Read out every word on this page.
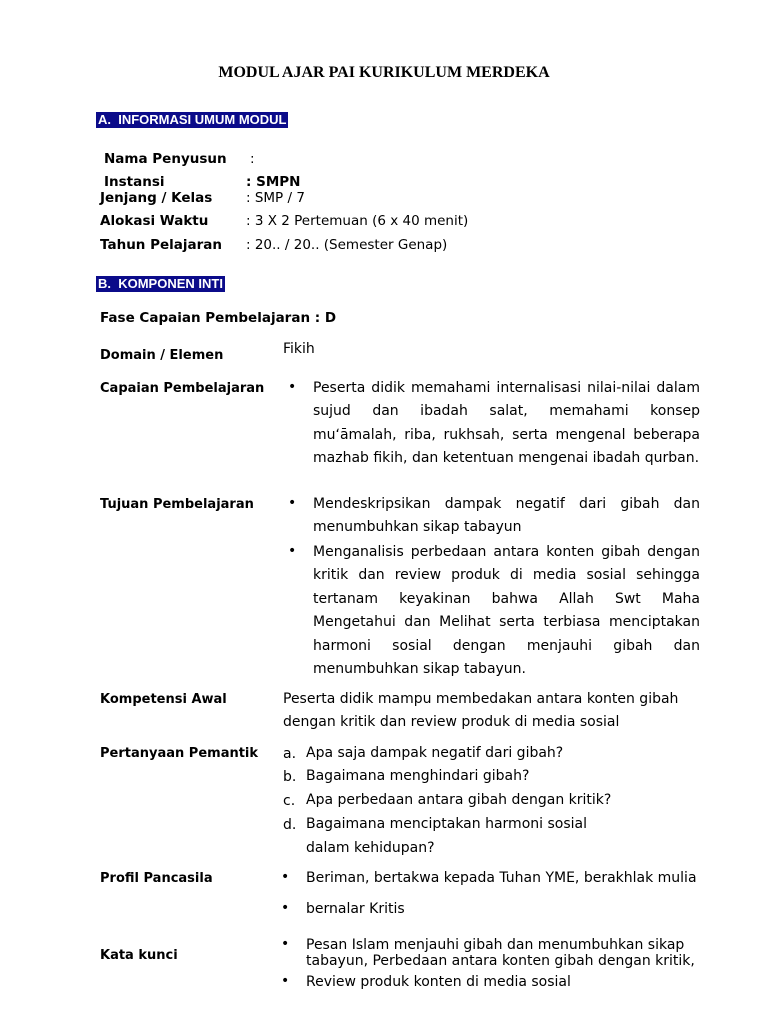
MODUL AJAR PAI KURIKULUM MERDEKA
A.  INFORMASI UMUM MODUL
Nama Penyusun :
Instansi	: SMPN
Jenjang / Kelas : SMP / 7
Alokasi Waktu	: 3 X 2 Pertemuan (6 x 40 menit)
Tahun Pelajaran : 20.. / 20.. (Semester Genap)
B.  KOMPONEN INTI
Fase Capaian Pembelajaran : D
Domain / Elemen	Fikih
Capaian Pembelajaran • Peserta didik memahami internalisasi nilai-nilai dalam sujud dan ibadah salat, memahami konsep muʻāmalah, riba, rukhsah, serta mengenal beberapa mazhab fikih, dan ketentuan mengenai ibadah qurban.
Tujuan Pembelajaran • Mendeskripsikan dampak negatif dari gibah dan menumbuhkan sikap tabayun
• Menganalisis perbedaan antara konten gibah dengan kritik dan review produk di media sosial sehingga tertanam keyakinan bahwa Allah Swt Maha Mengetahui dan Melihat serta terbiasa menciptakan harmoni sosial dengan menjauhi gibah dan menumbuhkan sikap tabayun.
Kompetensi Awal	Peserta didik mampu membedakan antara konten gibah dengan kritik dan review produk di media sosial
Pertanyaan Pemantik a. Apa saja dampak negatif dari gibah?
b. Bagaimana menghindari gibah?
c. Apa perbedaan antara gibah dengan kritik?
d. Bagaimana menciptakan harmoni sosial
dalam kehidupan?
Profil Pancasila	• Beriman, bertakwa kepada Tuhan YME, berakhlak mulia
• bernalar Kritis
Kata kunci
• Pesan Islam menjauhi gibah dan menumbuhkan sikap tabayun, Perbedaan antara konten gibah dengan kritik,
• Review produk konten di media sosial
